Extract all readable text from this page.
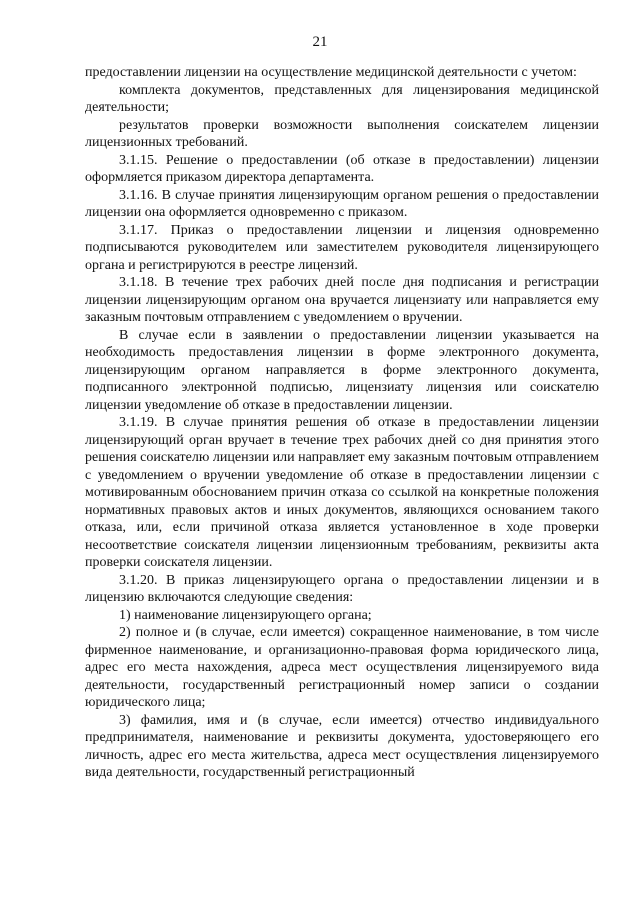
21

предоставлении лицензии на осуществление медицинской деятельности с учетом:

комплекта документов, представленных для лицензирования медицинской деятельности;

результатов проверки возможности выполнения соискателем лицензии лицензионных требований.

3.1.15. Решение о предоставлении (об отказе в предоставлении) лицензии оформляется приказом директора департамента.

3.1.16. В случае принятия лицензирующим органом решения о предоставлении лицензии она оформляется одновременно с приказом.

3.1.17. Приказ о предоставлении лицензии и лицензия одновременно подписываются руководителем или заместителем руководителя лицензирующего органа и регистрируются в реестре лицензий.

3.1.18. В течение трех рабочих дней после дня подписания и регистрации лицензии лицензирующим органом она вручается лицензиату или направляется ему заказным почтовым отправлением с уведомлением о вручении.

В случае если в заявлении о предоставлении лицензии указывается на необходимость предоставления лицензии в форме электронного документа, лицензирующим органом направляется в форме электронного документа, подписанного электронной подписью, лицензиату лицензия или соискателю лицензии уведомление об отказе в предоставлении лицензии.

3.1.19. В случае принятия решения об отказе в предоставлении лицензии лицензирующий орган вручает в течение трех рабочих дней со дня принятия этого решения соискателю лицензии или направляет ему заказным почтовым отправлением с уведомлением о вручении уведомление об отказе в предоставлении лицензии с мотивированным обоснованием причин отказа со ссылкой на конкретные положения нормативных правовых актов и иных документов, являющихся основанием такого отказа, или, если причиной отказа является установленное в ходе проверки несоответствие соискателя лицензии лицензионным требованиям, реквизиты акта проверки соискателя лицензии.

3.1.20. В приказ лицензирующего органа о предоставлении лицензии и в лицензию включаются следующие сведения:

1) наименование лицензирующего органа;

2) полное и (в случае, если имеется) сокращенное наименование, в том числе фирменное наименование, и организационно-правовая форма юридического лица, адрес его места нахождения, адреса мест осуществления лицензируемого вида деятельности, государственный регистрационный номер записи о создании юридического лица;

3) фамилия, имя и (в случае, если имеется) отчество индивидуального предпринимателя, наименование и реквизиты документа, удостоверяющего его личность, адрес его места жительства, адреса мест осуществления лицензируемого вида деятельности, государственный регистрационный
